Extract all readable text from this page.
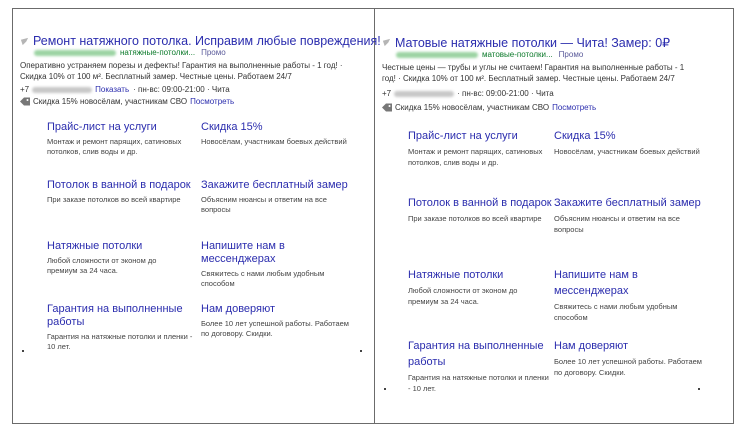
Ремонт натяжного потолка. Исправим любые повреждения!
натяжные-потолки... Промо
Оперативно устраняем порезы и дефекты! Гарантия на выполненные работы - 1 год! · Скидка 10% от 100 м². Бесплатный замер. Честные цены. Работаем 24/7
+7	Показать · пн-вс: 09:00-21:00 · Чита
Скидка 15% новосёлам, участникам СВО Посмотреть
Прайс-лист на услуги
Монтаж и ремонт парящих, сатиновых потолков, слив воды и др.
Скидка 15%
Новосёлам, участникам боевых действий
Потолок в ванной в подарок
При заказе потолков во всей квартире
Закажите бесплатный замер
Объясним нюансы и ответим на все вопросы
Натяжные потолки
Любой сложности от эконом до премиум за 24 часа.
Напишите нам в мессенджерах
Свяжитесь с нами любым удобным способом
Гарантия на выполненные работы
Гарантия на натяжные потолки и пленки - 10 лет.
Нам доверяют
Более 10 лет успешной работы. Работаем по договору. Скидки.
Матовые натяжные потолки — Чита! Замер: 0₽
матовые-потолки... Промо
Честные цены — трубы и углы не считаем! Гарантия на выполненные работы - 1 год! · Скидка 10% от 100 м². Бесплатный замер. Честные цены. Работаем 24/7
+7	· пн-вс: 09:00-21:00 · Чита
Скидка 15% новосёлам, участникам СВО Посмотреть
Прайс-лист на услуги
Монтаж и ремонт парящих, сатиновых потолков, слив воды и др.
Скидка 15%
Новосёлам, участникам боевых действий
Потолок в ванной в подарок
При заказе потолков во всей квартире
Закажите бесплатный замер
Объясним нюансы и ответим на все вопросы
Натяжные потолки
Любой сложности от эконом до премиум за 24 часа.
Напишите нам в мессенджерах
Свяжитесь с нами любым удобным способом
Гарантия на выполненные работы
Гарантия на натяжные потолки и пленки - 10 лет.
Нам доверяют
Более 10 лет успешной работы. Работаем по договору. Скидки.
